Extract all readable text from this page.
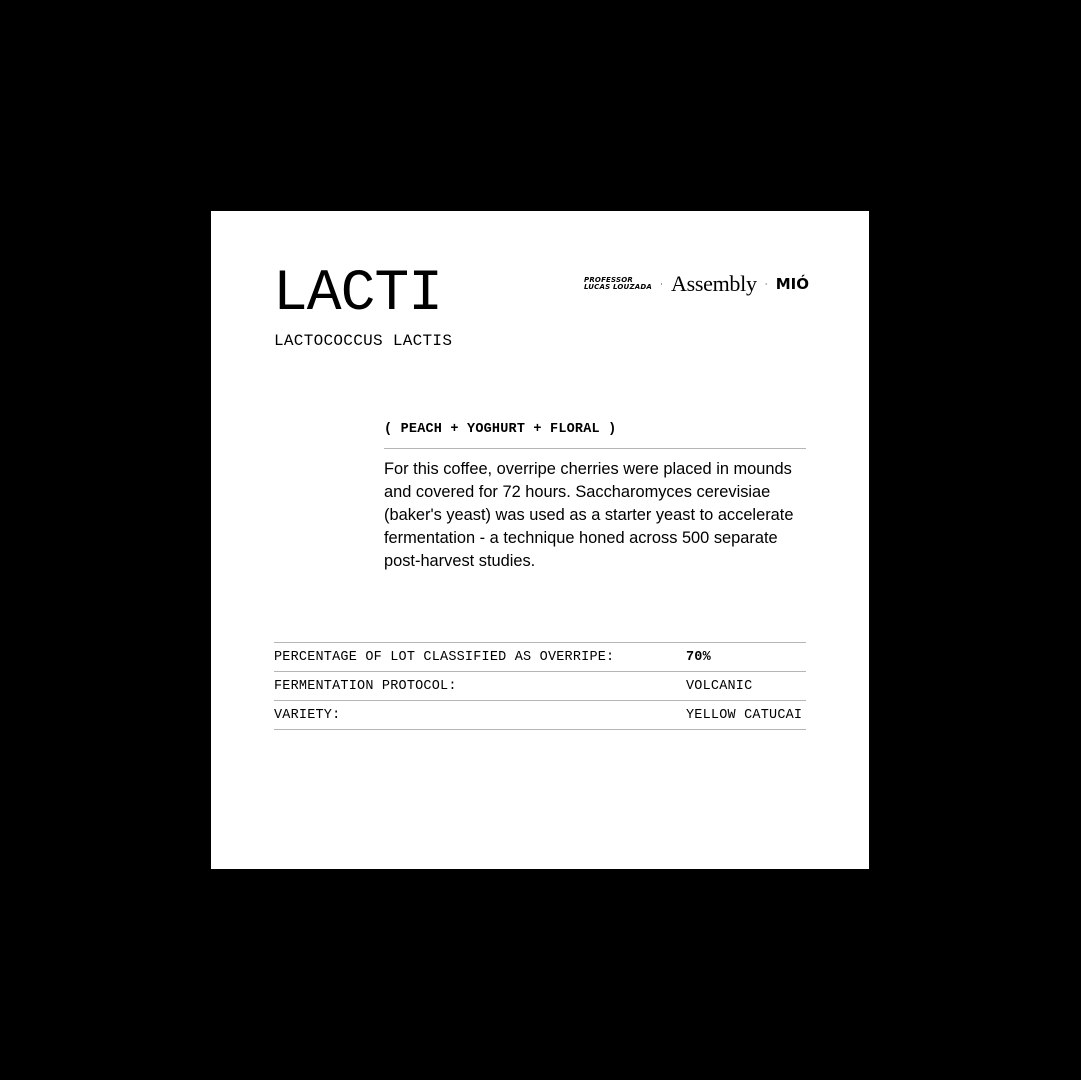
LACTI
LACTOCOCCUS LACTIS
PROFESSOR
LUCAS LOUZADA · Assembly · MIÓ
( PEACH + YOGHURT + FLORAL )

For this coffee, overripe cherries were placed in mounds and covered for 72 hours. Saccharomyces cerevisiae (baker's yeast) was used as a starter yeast to accelerate fermentation - a technique honed across 500 separate post-harvest studies.

PERCENTAGE OF LOT CLASSIFIED AS OVERRIPE:	70%
FERMENTATION PROTOCOL:	VOLCANIC
VARIETY:	YELLOW CATUCAI
